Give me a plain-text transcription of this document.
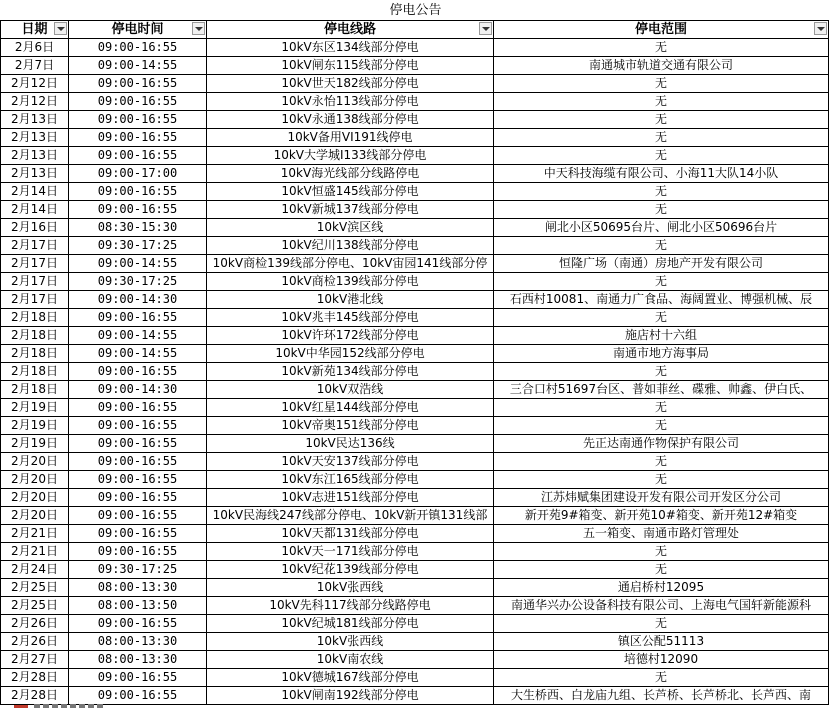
停电公告
日期	停电时间	停电线路	停电范围

2月6日	09:00-16:55	10kV东区134线部分停电	无
2月7日	09:00-14:55	10kV闸东115线部分停电	南通城市轨道交通有限公司
2月12日	09:00-16:55	10kV世天182线部分停电	无
2月12日	09:00-16:55	10kV永怡113线部分停电	无
2月13日	09:00-16:55	10kV永通138线部分停电	无
2月13日	09:00-16:55	10kV备用VI191线停电	无
2月13日	09:00-16:55	10kV大学城Ⅰ133线部分停电	无
2月13日	09:00-17:00	10kV海光线部分线路停电	中天科技海缆有限公司、小海11大队14小队
2月14日	09:00-16:55	10kV恒盛145线部分停电	无
2月14日	09:00-16:55	10kV新城137线部分停电	无
2月16日	08:30-15:30	10kV滨区线	闸北小区50695台片、闸北小区50696台片
2月17日	09:30-17:25	10kV纪川138线部分停电	无
2月17日	09:00-14:55	10kV商检139线部分停电、10kV宙园141线部分停	恒隆广场（南通）房地产开发有限公司
2月17日	09:30-17:25	10kV商检139线部分停电	无
2月17日	09:00-14:30	10kV港北线	石西村10081、南通力广食品、海阔置业、博强机械、辰
2月18日	09:00-16:55	10kV兆丰145线部分停电	无
2月18日	09:00-14:55	10kV许环172线部分停电	施店村十六组
2月18日	09:00-14:55	10kV中华园152线部分停电	南通市地方海事局
2月18日	09:00-16:55	10kV新苑134线部分停电	无
2月18日	09:00-14:30	10kV双浩线	三合口村51697台区、普如菲丝、碟雅、帅鑫、伊白氏、
2月19日	09:00-16:55	10kV红星144线部分停电	无
2月19日	09:00-16:55	10kV帝奥151线部分停电	无
2月19日	09:00-16:55	10kV民达136线	先正达南通作物保护有限公司
2月20日	09:00-16:55	10kV天安137线部分停电	无
2月20日	09:00-16:55	10kV东江165线部分停电	无
2月20日	09:00-16:55	10kV志进151线部分停电	江苏炜赋集团建设开发有限公司开发区分公司
2月20日	09:00-16:55	10kV民海线247线部分停电、10kV新开镇131线部	新开苑9#箱变、新开苑10#箱变、新开苑12#箱变
2月21日	09:00-16:55	10kV天都131线部分停电	五一箱变、南通市路灯管理处
2月21日	09:00-16:55	10kV天一171线部分停电	无
2月24日	09:30-17:25	10kV纪花139线部分停电	无
2月25日	08:00-13:30	10kV张西线	通启桥村12095
2月25日	08:00-13:50	10kV先科117线部分线路停电	南通华兴办公设备科技有限公司、上海电气国轩新能源科
2月26日	09:00-16:55	10kV纪城181线部分停电	无
2月26日	08:00-13:30	10kV张西线	镇区公配51113
2月27日	08:00-13:30	10kV南农线	培德村12090
2月28日	09:00-16:55	10kV德城167线部分停电	无
2月28日	09:00-16:55	10kV闸南192线部分停电	大生桥西、白龙庙九组、长芦桥、长芦桥北、长芦西、南
